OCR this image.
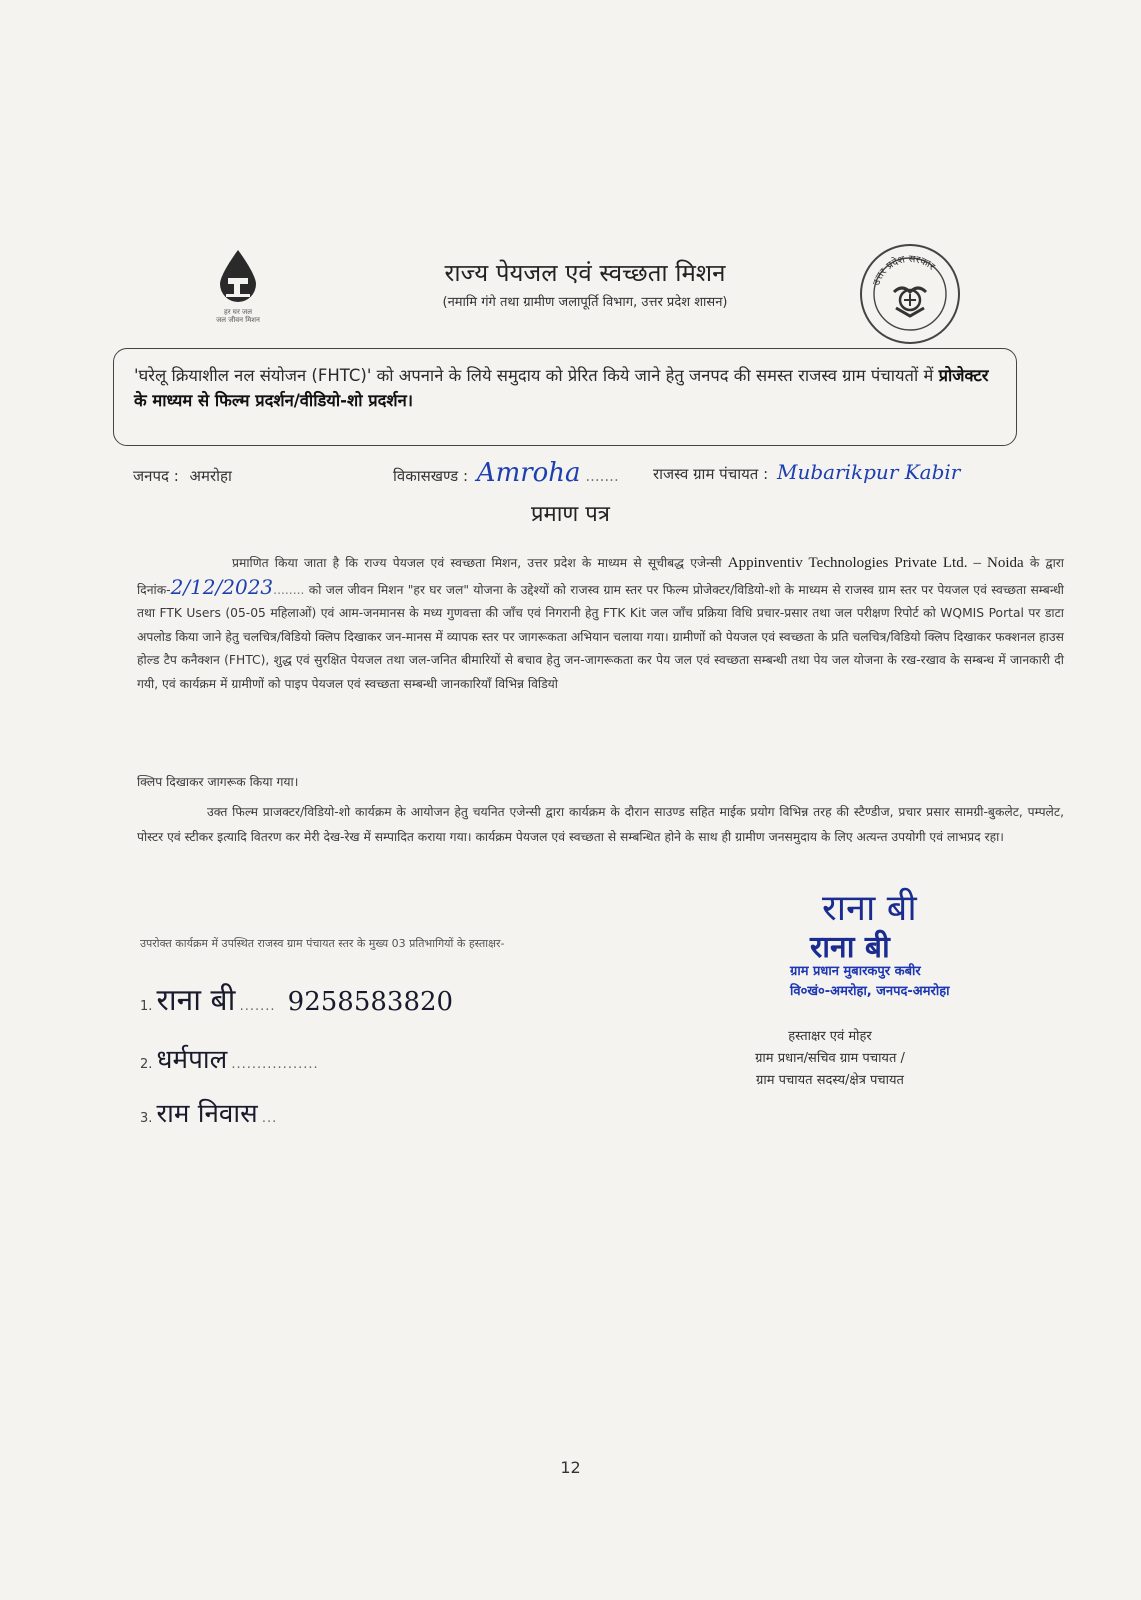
हर घर जल
जल जीवन मिशन
राज्य पेयजल एवं स्वच्छता मिशन
(नमामि गंगे तथा ग्रामीण जलापूर्ति विभाग, उत्तर प्रदेश शासन)
उत्तर प्रदेश सरकार
'घरेलू क्रियाशील नल संयोजन (FHTC)' को अपनाने के लिये समुदाय को प्रेरित किये जाने हेतु जनपद की समस्त राजस्व ग्राम पंचायतों में प्रोजेक्टर के माध्यम से फिल्म प्रदर्शन/वीडियो-शो प्रदर्शन।
जनपद : अमरोहा	विकासखण्ड : Amroha ....... राजस्व ग्राम पंचायत : Mubarikpur Kabir
प्रमाण पत्र
प्रमाणित किया जाता है कि राज्य पेयजल एवं स्वच्छता मिशन, उत्तर प्रदेश के माध्यम से सूचीबद्ध एजेन्सी Appinventiv Technologies Private Ltd. – Noida के द्वारा दिनांक-2/12/2023........ को जल जीवन मिशन "हर घर जल" योजना के उद्देश्यों को राजस्व ग्राम स्तर पर फिल्म प्रोजेक्टर/विडियो-शो के माध्यम से राजस्व ग्राम स्तर पर पेयजल एवं स्वच्छता सम्बन्धी तथा FTK Users (05-05 महिलाओं) एवं आम-जनमानस के मध्य गुणवत्ता की जाँच एवं निगरानी हेतु FTK Kit जल जाँच प्रक्रिया विधि प्रचार-प्रसार तथा जल परीक्षण रिपोर्ट को WQMIS Portal पर डाटा अपलोड किया जाने हेतु चलचित्र/विडियो क्लिप दिखाकर जन-मानस में व्यापक स्तर पर जागरूकता अभियान चलाया गया। ग्रामीणों को पेयजल एवं स्वच्छता के प्रति चलचित्र/विडियो क्लिप दिखाकर फक्शनल हाउस होल्ड टैप कनैक्शन (FHTC), शुद्ध एवं सुरक्षित पेयजल तथा जल-जनित बीमारियों से बचाव हेतु जन-जागरूकता कर पेय जल एवं स्वच्छता सम्बन्धी तथा पेय जल योजना के रख-रखाव के सम्बन्ध में जानकारी दी गयी, एवं कार्यक्रम में ग्रामीणों को पाइप पेयजल एवं स्वच्छता सम्बन्धी जानकारियाँ विभिन्न विडियो
क्लिप दिखाकर जागरूक किया गया।
उक्त फिल्म प्राजक्टर/विडियो-शो कार्यक्रम के आयोजन हेतु चयनित एजेन्सी द्वारा कार्यक्रम के दौरान साउण्ड सहित माईक प्रयोग विभिन्न तरह की स्टैण्डीज, प्रचार प्रसार सामग्री-बुकलेट, पम्पलेट, पोस्टर एवं स्टीकर इत्यादि वितरण कर मेरी देख-रेख में सम्पादित कराया गया। कार्यक्रम पेयजल एवं स्वच्छता से सम्बन्धित होने के साथ ही ग्रामीण जनसमुदाय के लिए अत्यन्त उपयोगी एवं लाभप्रद रहा।
उपरोक्त कार्यक्रम में उपस्थित राजस्व ग्राम पंचायत स्तर के मुख्य 03 प्रतिभागियों के हस्ताक्षर-
1. राना बी ....... 9258583820
2. धर्मपाल .................
3. राम निवास ...
राना बी
राना बी
ग्राम प्रधान मुबारकपुर कबीर
वि०खं०-अमरोहा, जनपद-अमरोहा
हस्ताक्षर एवं मोहर
ग्राम प्रधान/सचिव ग्राम पचायत /
ग्राम पचायत सदस्य/क्षेत्र पचायत
12
